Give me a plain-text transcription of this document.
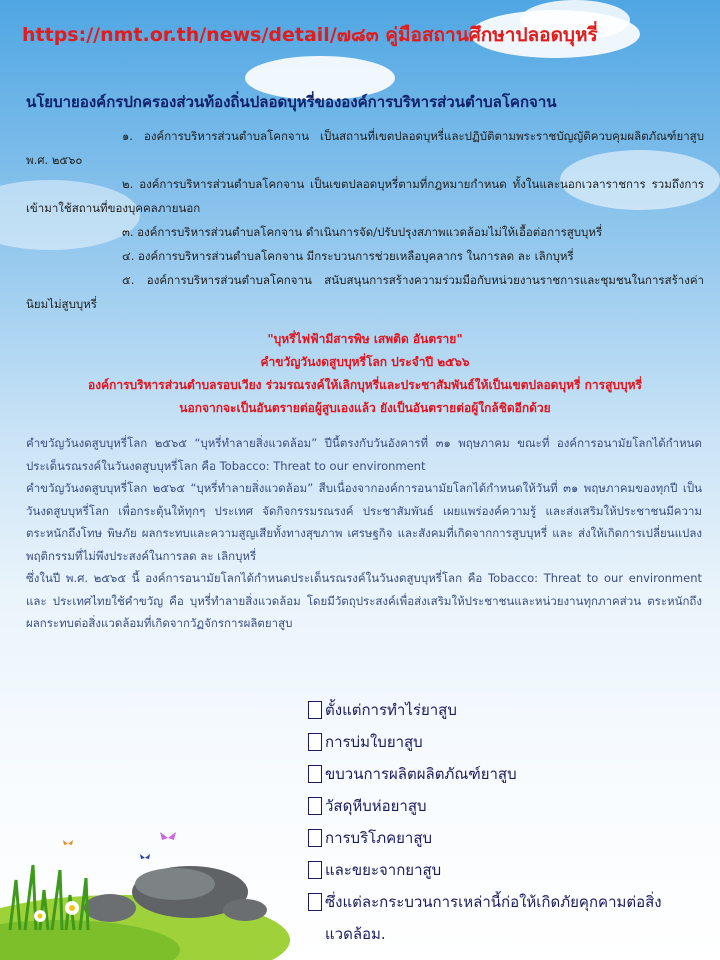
https://nmt.or.th/news/detail/๗๘๓ คู่มือสถานศึกษาปลอดบุหรี่
นโยบายองค์กรปกครองส่วนท้องถิ่นปลอดบุหรี่ขององค์การบริหารส่วนตำบลโคกจาน

๑. องค์การบริหารส่วนตำบลโคกจาน เป็นสถานที่เขตปลอดบุหรี่และปฏิบัติตามพระราชบัญญัติควบคุมผลิตภัณฑ์ยาสูบ พ.ศ. ๒๕๖๐

๒. องค์การบริหารส่วนตำบลโคกจาน เป็นเขตปลอดบุหรี่ตามที่กฎหมายกำหนด ทั้งในและนอกเวลาราชการ รวมถึงการเข้ามาใช้สถานที่ของบุคคลภายนอก

๓. องค์การบริหารส่วนตำบลโคกจาน ดำเนินการจัด/ปรับปรุงสภาพแวดล้อมไม่ให้เอื้อต่อการสูบบุหรี่

๔. องค์การบริหารส่วนตำบลโคกจาน มีกระบวนการช่วยเหลือบุคลากร ในการลด ละ เลิกบุหรี่

๕. องค์การบริหารส่วนตำบลโคกจาน สนับสนุนการสร้างความร่วมมือกับหน่วยงานราชการและชุมชนในการสร้างค่านิยมไม่สูบบุหรี่

"บุหรี่ไฟฟ้ามีสารพิษ เสพติด อันตราย"
คำขวัญวันงดสูบบุหรี่โลก ประจำปี ๒๕๖๖
องค์การบริหารส่วนตำบลรอบเวียง ร่วมรณรงค์ให้เลิกบุหรี่และประชาสัมพันธ์ให้เป็นเขตปลอดบุหรี่ การสูบบุหรี่
นอกจากจะเป็นอันตรายต่อผู้สูบเองแล้ว ยังเป็นอันตรายต่อผู้ใกล้ชิดอีกด้วย

คำขวัญวันงดสูบบุหรี่โลก ๒๕๖๕ “บุหรี่ทำลายสิ่งแวดล้อม” ปีนี้ตรงกับวันอังคารที่ ๓๑ พฤษภาคม ขณะที่ องค์การอนามัยโลกได้กำหนดประเด็นรณรงค์ในวันงดสูบบุหรี่โลก คือ Tobacco: Threat to our environment

คำขวัญวันงดสูบบุหรี่โลก ๒๕๖๕ “บุหรี่ทำลายสิ่งแวดล้อม” สืบเนื่องจากองค์การอนามัยโลกได้กำหนดให้วันที่ ๓๑ พฤษภาคมของทุกปี เป็นวันงดสูบบุหรี่โลก เพื่อกระตุ้นให้ทุกๆ ประเทศ จัดกิจกรรมรณรงค์ ประชาสัมพันธ์ เผยแพร่องค์ความรู้ และส่งเสริมให้ประชาชนมีความตระหนักถึงโทษ พิษภัย ผลกระทบและความสูญเสียทั้งทางสุขภาพ เศรษฐกิจ และสังคมที่เกิดจากการสูบบุหรี่ และ ส่งให้เกิดการเปลี่ยนแปลงพฤติกรรมที่ไม่พึงประสงค์ในการลด ละ เลิกบุหรี่

ซึ่งในปี พ.ศ. ๒๕๖๕ นี้ องค์การอนามัยโลกได้กำหนดประเด็นรณรงค์ในวันงดสูบบุหรี่โลก คือ Tobacco: Threat to our environment และ ประเทศไทยใช้คำขวัญ คือ บุหรี่ทำลายสิ่งแวดล้อม โดยมีวัตถุประสงค์เพื่อส่งเสริมให้ประชาชนและหน่วยงานทุกภาคส่วน ตระหนักถึงผลกระทบต่อสิ่งแวดล้อมที่เกิดจากวัฏจักรการผลิตยาสูบ

ตั้งแต่การทำไร่ยาสูบ
การบ่มใบยาสูบ
ขบวนการผลิตผลิตภัณฑ์ยาสูบ
วัสดุหีบห่อยาสูบ
การบริโภคยาสูบ
และขยะจากยาสูบ
ซึ่งแต่ละกระบวนการเหล่านี้ก่อให้เกิดภัยคุกคามต่อสิ่งแวดล้อม.
